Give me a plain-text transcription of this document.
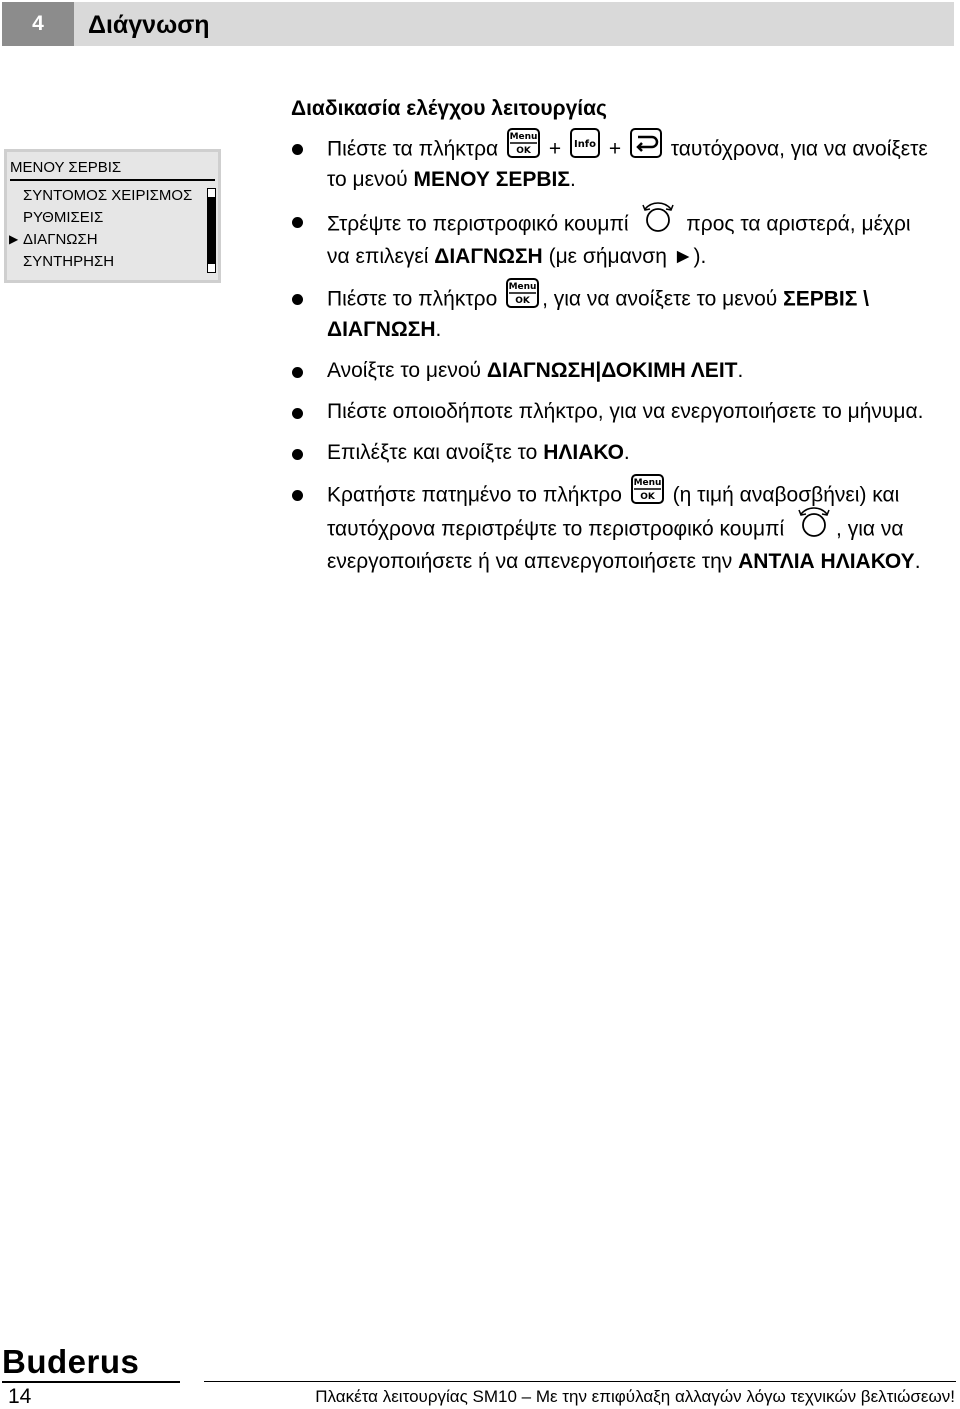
4	Διάγνωση
ΜΕΝΟΥ ΣΕΡΒΙΣ
ΣΥΝΤΟΜΟΣ ΧΕΙΡΙΣΜΟΣ
ΡΥΘΜΙΣΕΙΣ
▶ ΔΙΑΓΝΩΣΗ
ΣΥΝΤΗΡΗΣΗ
Διαδικασία ελέγχου λειτουργίας
Πιέστε τα πλήκτρα
Menu
OK + Info + ταυτόχρονα, για να ανοίξετε το μενού ΜΕΝΟΥ ΣΕΡΒΙΣ.
Στρέψτε το περιστροφικό κουμπί	προς τα αριστερά, μέχρι να επιλεγεί ΔΙΑΓΝΩΣΗ (με σήμανση ►).
Πιέστε το πλήκτρο
Menu
OK , για να ανοίξετε το μενού ΣΕΡΒΙΣ \ ΔΙΑΓΝΩΣΗ.
Ανοίξτε το μενού ΔΙΑΓΝΩΣΗ|ΔΟΚΙΜΗ ΛΕΙΤ.
Πιέστε οποιοδήποτε πλήκτρο, για να ενεργοποιήσετε το μήνυμα.
Επιλέξτε και ανοίξτε το ΗΛΙΑΚΟ.
Κρατήστε πατημένο το πλήκτρο
Menu
OK (η τιμή αναβοσβήνει) και ταυτόχρονα περιστρέψτε το περιστροφικό κουμπί , για να ενεργοποιήσετε ή να απενεργοποιήσετε την ΑΝΤΛΙΑ ΗΛΙΑΚΟΥ.
Buderus
14	Πλακέτα λειτουργίας SM10 – Με την επιφύλαξη αλλαγών λόγω τεχνικών βελτιώσεων!
